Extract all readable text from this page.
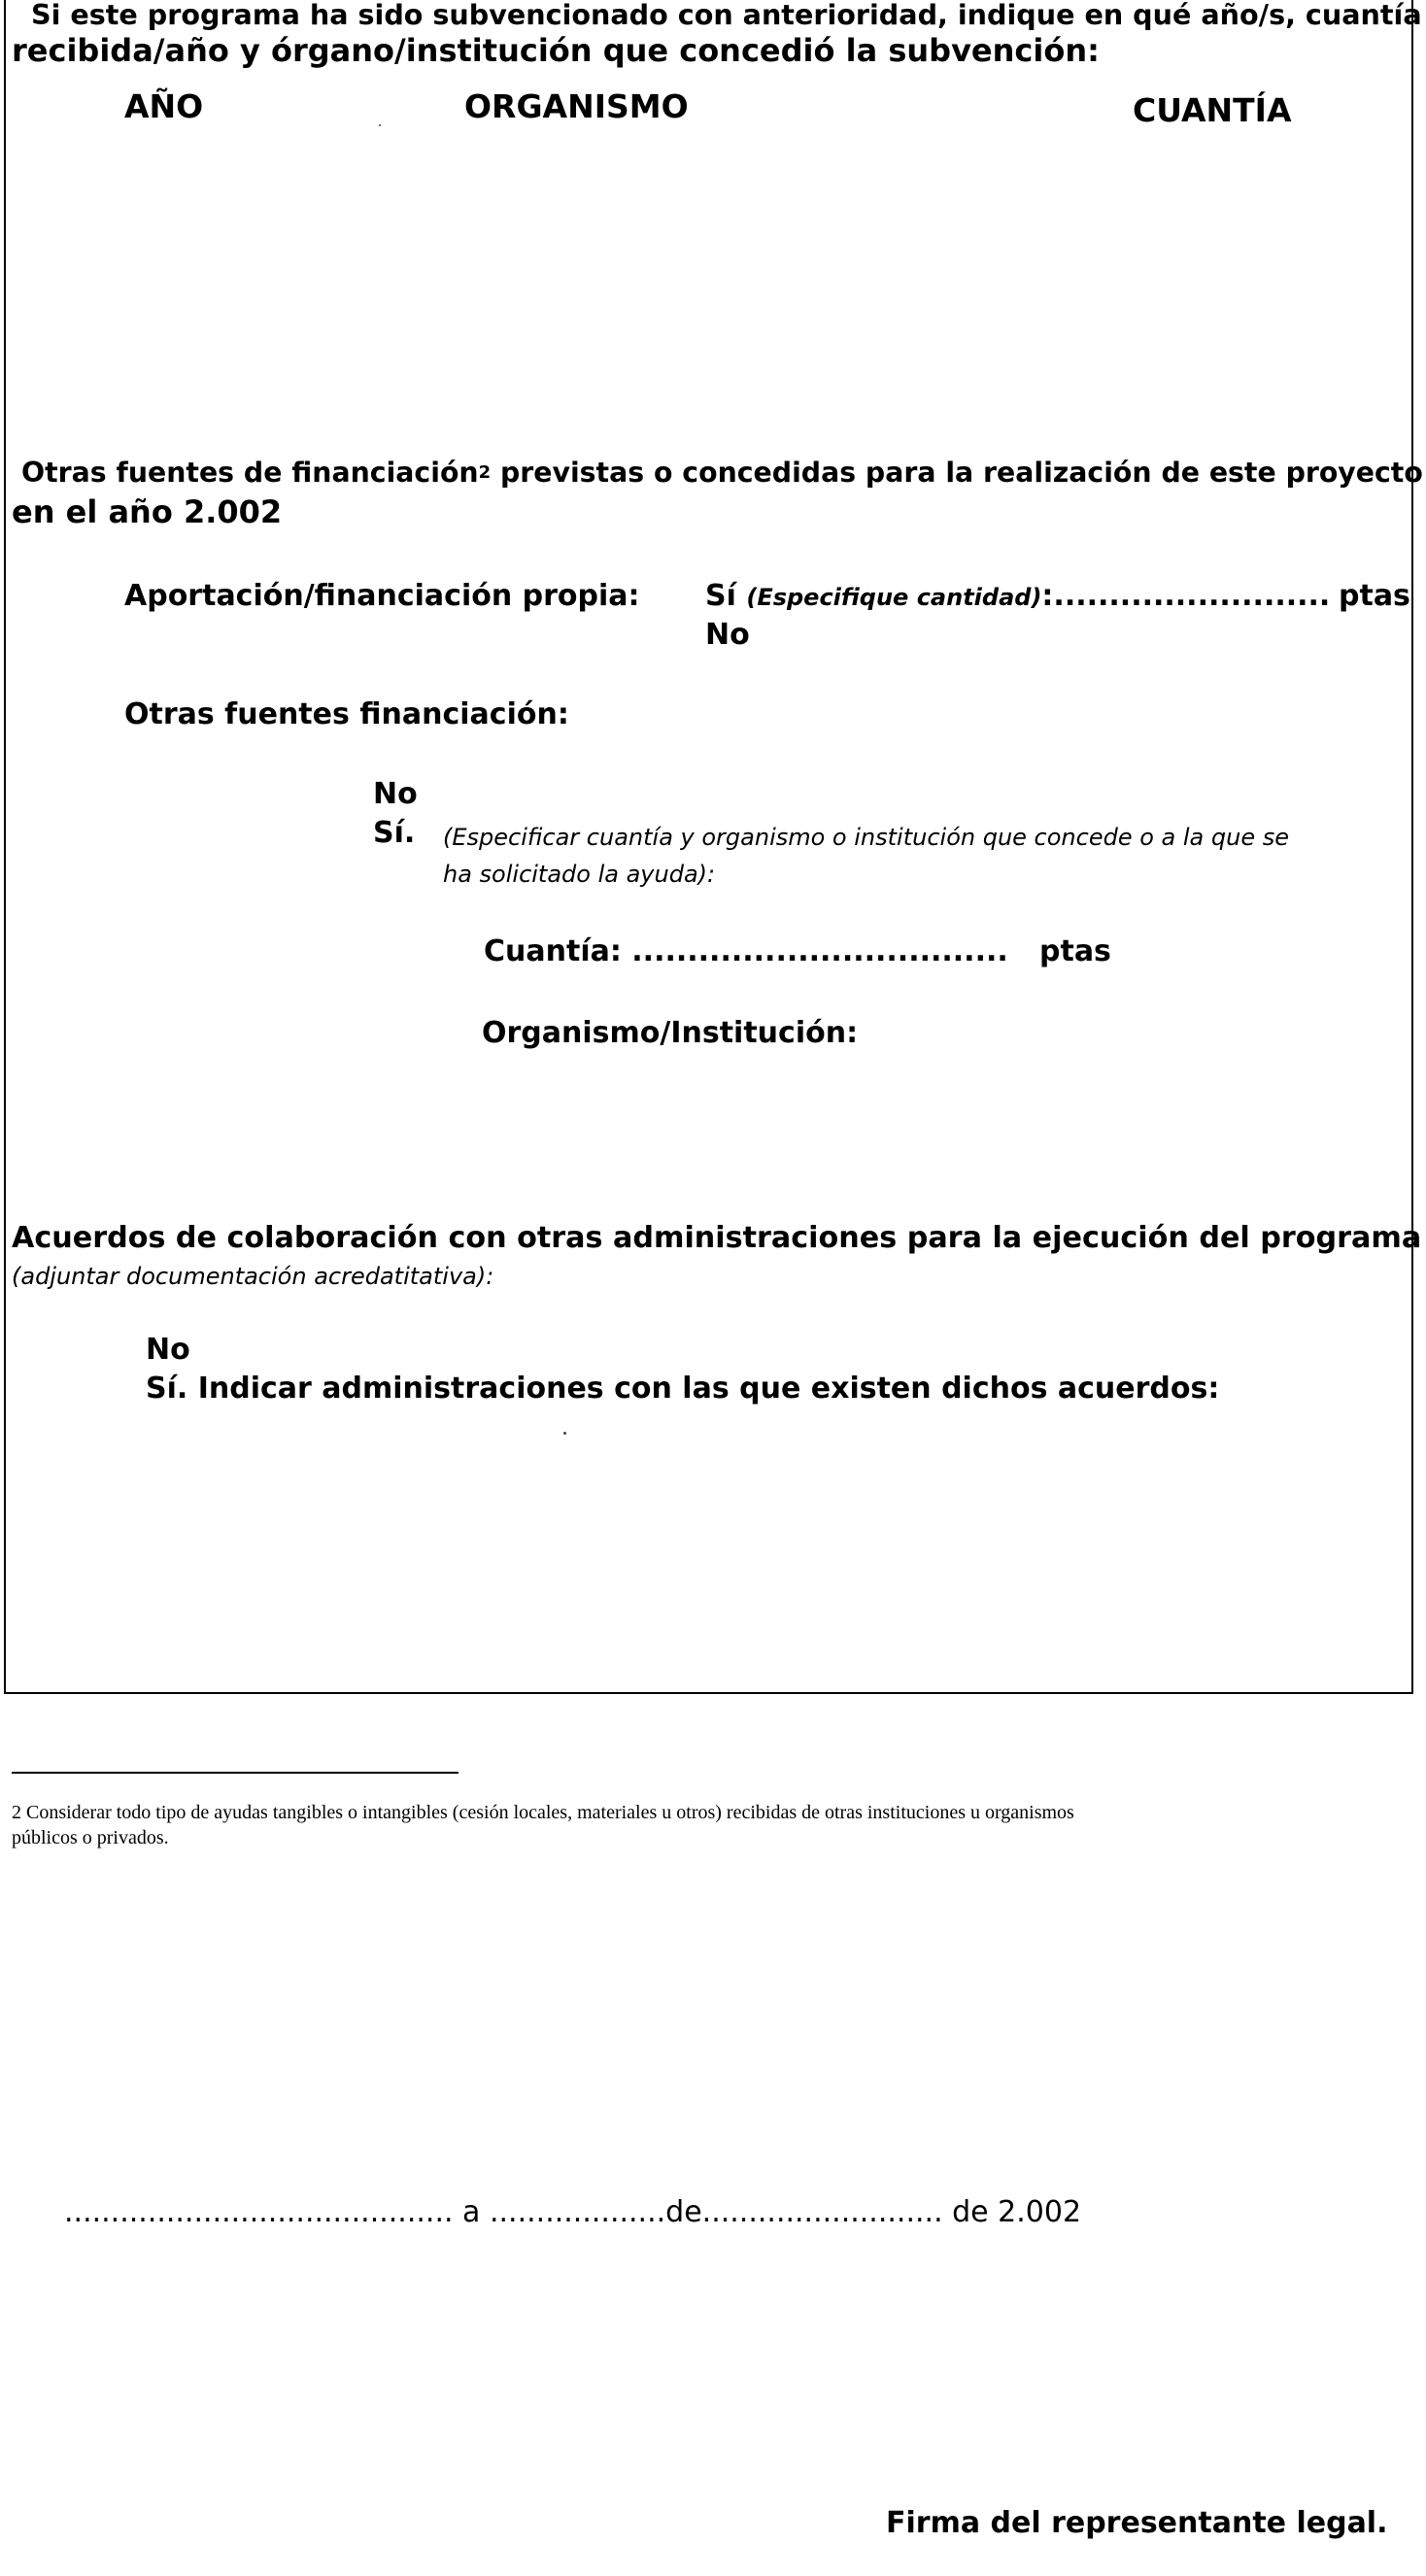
Si este programa ha sido subvencionado con anterioridad, indique en qué año/s, cuantía
recibida/año y órgano/institución que concedió la subvención:
AÑO	ORGANISMO	CUANTÍA
Otras fuentes de financiación$^2$ previstas o concedidas para la realización de este proyecto
en el año 2.002
Aportación/financiación propia: Sí (Especifique cantidad):......................... ptas
No
Otras fuentes financiación:
No
Sí. (Especificar cuantía y organismo o institución que concede o a la que se
ha solicitado la ayuda):
Cuantía: .................................. ptas
Organismo/Institución:
Acuerdos de colaboración con otras administraciones para la ejecución del programa
(adjuntar documentación acredatitativa):
No
Sí. Indicar administraciones con las que existen dichos acuerdos:
2 Considerar todo tipo de ayudas tangibles o intangibles (cesión locales, materiales u otros) recibidas de otras instituciones u organismos
públicos o privados.
.......................................... a ...................de.......................... de 2.002
Firma del representante legal.
